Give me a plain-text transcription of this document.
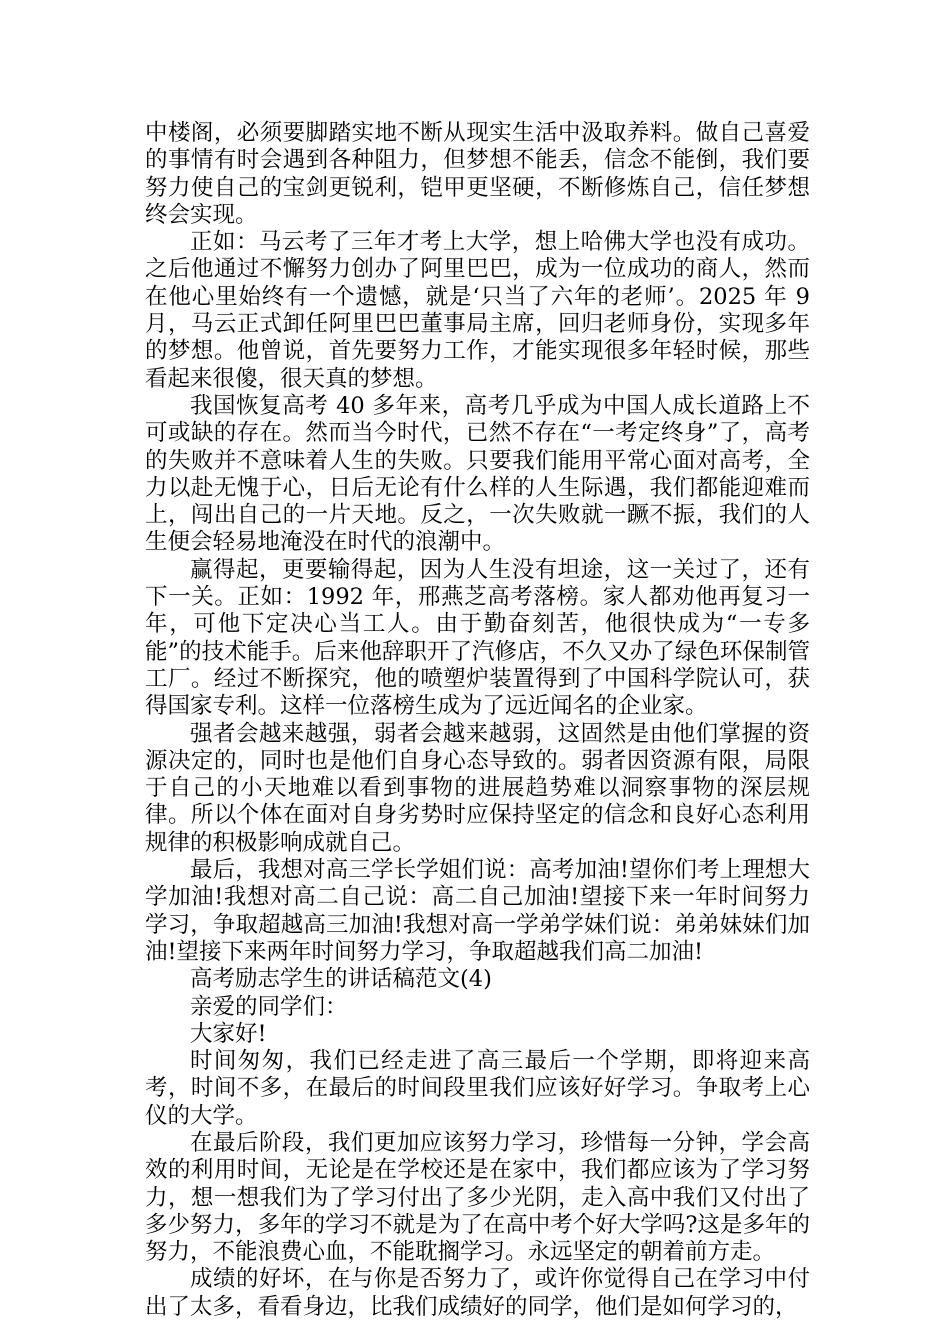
中楼阁，必须要脚踏实地不断从现实生活中汲取养料。做自己喜爱的事情有时会遇到各种阻力，但梦想不能丢，信念不能倒，我们要努力使自己的宝剑更锐利，铠甲更坚硬，不断修炼自己，信任梦想终会实现。

正如：马云考了三年才考上大学，想上哈佛大学也没有成功。之后他通过不懈努力创办了阿里巴巴，成为一位成功的商人，然而在他心里始终有一个遗憾，就是‘只当了六年的老师’。2025 年 9 月，马云正式卸任阿里巴巴董事局主席，回归老师身份，实现多年的梦想。他曾说，首先要努力工作，才能实现很多年轻时候，那些看起来很傻，很天真的梦想。

我国恢复高考 40 多年来，高考几乎成为中国人成长道路上不可或缺的存在。然而当今时代，已然不存在“一考定终身”了，高考的失败并不意味着人生的失败。只要我们能用平常心面对高考，全力以赴无愧于心，日后无论有什么样的人生际遇，我们都能迎难而上，闯出自己的一片天地。反之，一次失败就一蹶不振，我们的人生便会轻易地淹没在时代的浪潮中。

赢得起，更要输得起，因为人生没有坦途，这一关过了，还有下一关。正如：1992 年，邢燕芝高考落榜。家人都劝他再复习一年，可他下定决心当工人。由于勤奋刻苦，他很快成为“一专多能”的技术能手。后来他辞职开了汽修店，不久又办了绿色环保制管工厂。经过不断探究，他的喷塑炉装置得到了中国科学院认可，获得国家专利。这样一位落榜生成为了远近闻名的企业家。

强者会越来越强，弱者会越来越弱，这固然是由他们掌握的资源决定的，同时也是他们自身心态导致的。弱者因资源有限，局限于自己的小天地难以看到事物的进展趋势难以洞察事物的深层规律。所以个体在面对自身劣势时应保持坚定的信念和良好心态利用规律的积极影响成就自己。

最后，我想对高三学长学姐们说：高考加油!望你们考上理想大学加油!我想对高二自己说：高二自己加油!望接下来一年时间努力学习，争取超越高三加油!我想对高一学弟学妹们说：弟弟妹妹们加油!望接下来两年时间努力学习，争取超越我们高二加油!

高考励志学生的讲话稿范文(4)

亲爱的同学们：

大家好!

时间匆匆，我们已经走进了高三最后一个学期，即将迎来高考，时间不多，在最后的时间段里我们应该好好学习。争取考上心仪的大学。

在最后阶段，我们更加应该努力学习，珍惜每一分钟，学会高效的利用时间，无论是在学校还是在家中，我们都应该为了学习努力，想一想我们为了学习付出了多少光阴，走入高中我们又付出了多少努力，多年的学习不就是为了在高中考个好大学吗?这是多年的努力，不能浪费心血，不能耽搁学习。永远坚定的朝着前方走。

成绩的好坏，在与你是否努力了，或许你觉得自己在学习中付出了太多，看看身边，比我们成绩好的同学，他们是如何学习的，
